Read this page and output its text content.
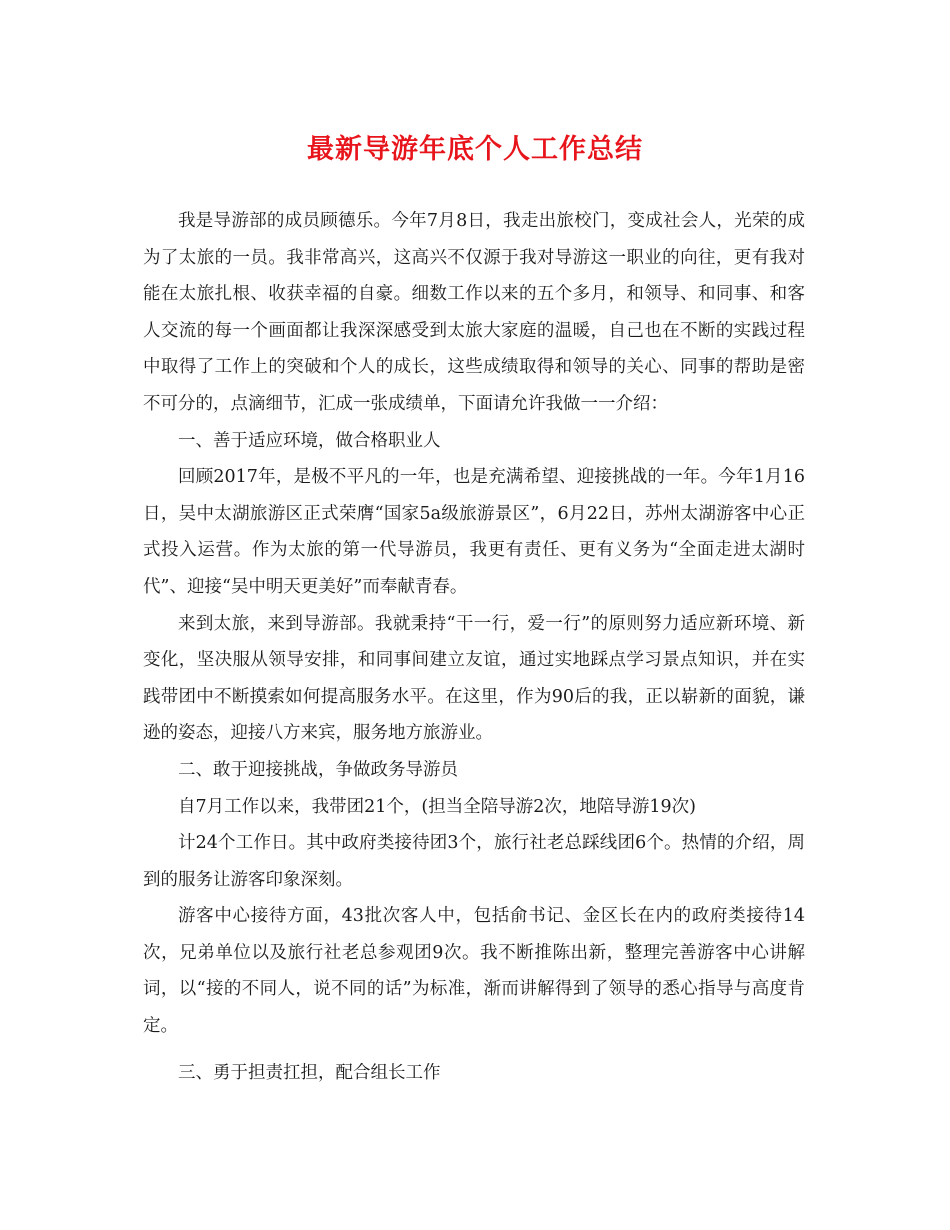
最新导游年底个人工作总结

我是导游部的成员顾德乐。今年7月8日，我走出旅校门，变成社会人，光荣的成为了太旅的一员。我非常高兴，这高兴不仅源于我对导游这一职业的向往，更有我对能在太旅扎根、收获幸福的自豪。细数工作以来的五个多月，和领导、和同事、和客人交流的每一个画面都让我深深感受到太旅大家庭的温暖，自己也在不断的实践过程中取得了工作上的突破和个人的成长，这些成绩取得和领导的关心、同事的帮助是密不可分的，点滴细节，汇成一张成绩单，下面请允许我做一一介绍：

一、善于适应环境，做合格职业人

回顾2017年，是极不平凡的一年，也是充满希望、迎接挑战的一年。今年1月16日，吴中太湖旅游区正式荣膺“国家5a级旅游景区”，6月22日，苏州太湖游客中心正式投入运营。作为太旅的第一代导游员，我更有责任、更有义务为“全面走进太湖时代”、迎接“吴中明天更美好”而奉献青春。

来到太旅，来到导游部。我就秉持“干一行，爱一行”的原则努力适应新环境、新变化，坚决服从领导安排，和同事间建立友谊，通过实地踩点学习景点知识，并在实践带团中不断摸索如何提高服务水平。在这里，作为90后的我，正以崭新的面貌，谦逊的姿态，迎接八方来宾，服务地方旅游业。

二、敢于迎接挑战，争做政务导游员

自7月工作以来，我带团21个，(担当全陪导游2次，地陪导游19次)

计24个工作日。其中政府类接待团3个，旅行社老总踩线团6个。热情的介绍，周到的服务让游客印象深刻。

游客中心接待方面，43批次客人中，包括俞书记、金区长在内的政府类接待14次，兄弟单位以及旅行社老总参观团9次。我不断推陈出新，整理完善游客中心讲解词，以“接的不同人，说不同的话”为标准，渐而讲解得到了领导的悉心指导与高度肯定。

三、勇于担责扛担，配合组长工作
